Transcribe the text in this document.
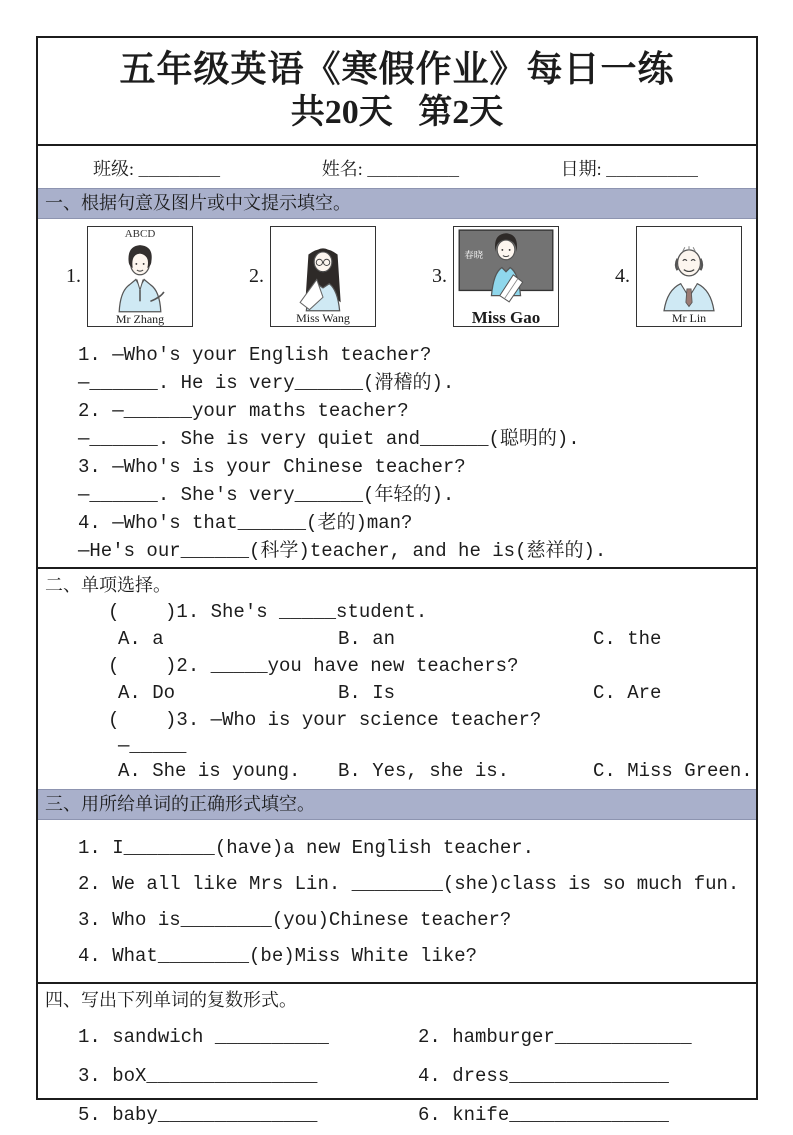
五年级英语《寒假作业》每日一练
共20天   第2天
班级: ________	姓名: _________	日期: _________
一、根据句意及图片或中文提示填空。
1.
ABCD
Mr Zhang
2.
Miss Wang
3.
春晓
Miss Gao
4.
Mr Lin
1. —Who's your English teacher?
—______. He is very______(滑稽的).
2. —______your maths teacher?
—______. She is very quiet and______(聪明的).
3. —Who's is your Chinese teacher?
—______. She's very______(年轻的).
4. —Who's that______(老的)man?
—He's our______(科学)teacher, and he is(慈祥的).
二、单项选择。
(    )1. She's _____student.
A. a	B. an	C. the
(    )2. _____you have new teachers?
A. Do	B. Is	C. Are
(    )3. —Who is your science teacher?
—_____
A. She is young.	B. Yes, she is.	C. Miss Green.
三、用所给单词的正确形式填空。
1. I________(have)a new English teacher.
2. We all like Mrs Lin. ________(she)class is so much fun.
3. Who is________(you)Chinese teacher?
4. What________(be)Miss White like?
四、写出下列单词的复数形式。
1. sandwich __________	2. hamburger____________
3. boX_______________	4. dress______________
5. baby______________	6. knife______________
